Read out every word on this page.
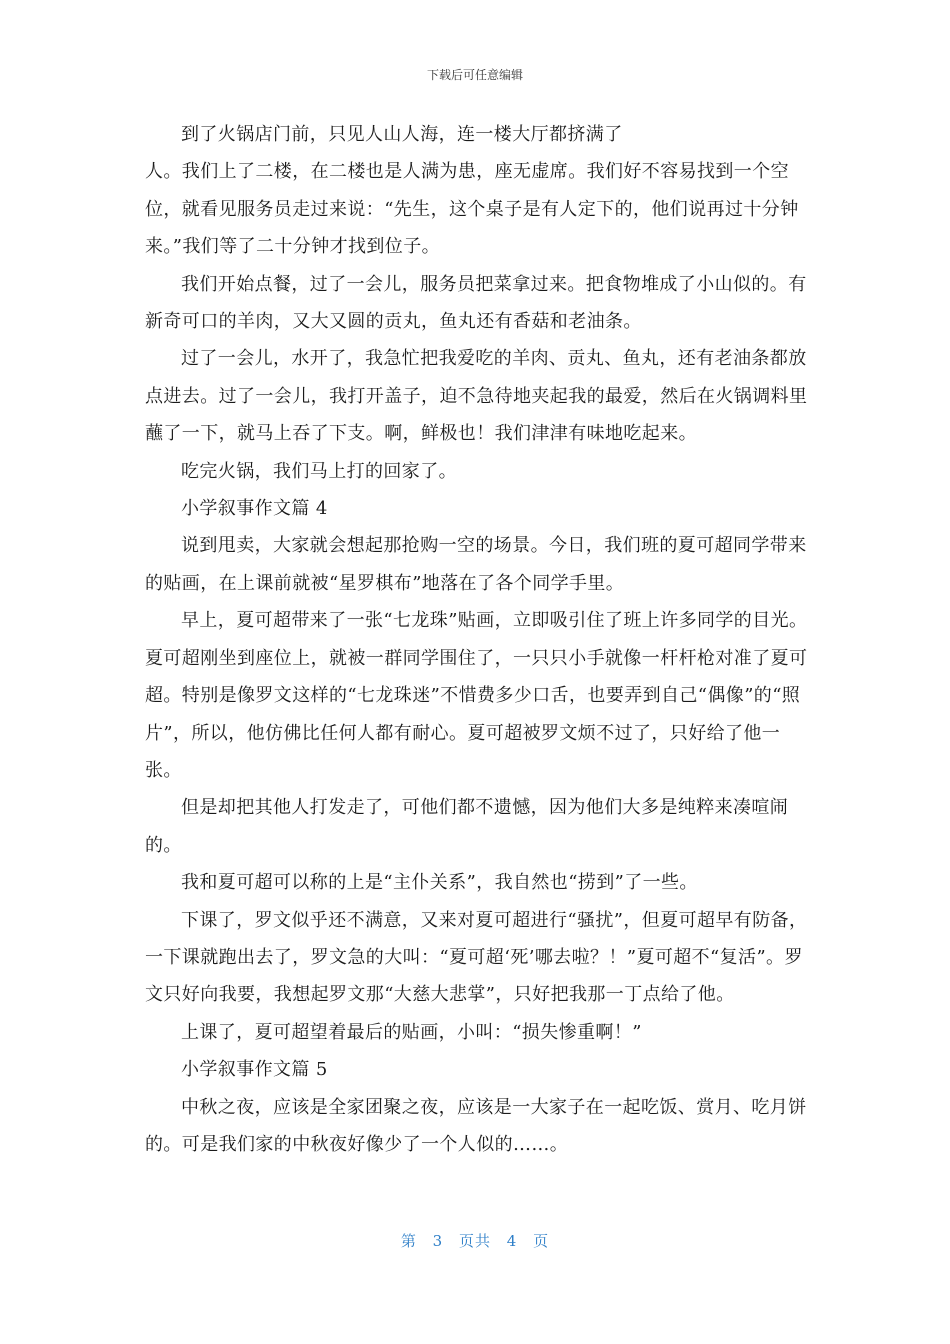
下载后可任意编辑

到了火锅店门前，只见人山人海，连一楼大厅都挤满了
人。我们上了二楼，在二楼也是人满为患，座无虚席。我们好不容易找到一个空位，就看见服务员走过来说：“先生，这个桌子是有人定下的，他们说再过十分钟来。”我们等了二十分钟才找到位子。

我们开始点餐，过了一会儿，服务员把菜拿过来。把食物堆成了小山似的。有新奇可口的羊肉，又大又圆的贡丸，鱼丸还有香菇和老油条。

过了一会儿，水开了，我急忙把我爱吃的羊肉、贡丸、鱼丸，还有老油条都放点进去。过了一会儿，我打开盖子，迫不急待地夹起我的最爱，然后在火锅调料里蘸了一下，就马上吞了下支。啊，鲜极也！我们津津有味地吃起来。

吃完火锅，我们马上打的回家了。

小学叙事作文篇 4

说到甩卖，大家就会想起那抢购一空的场景。今日，我们班的夏可超同学带来的贴画，在上课前就被“星罗棋布”地落在了各个同学手里。

早上，夏可超带来了一张“七龙珠”贴画，立即吸引住了班上许多同学的目光。夏可超刚坐到座位上，就被一群同学围住了，一只只小手就像一杆杆枪对准了夏可超。特别是像罗文这样的“七龙珠迷”不惜费多少口舌，也要弄到自己“偶像”的“照片”，所以，他仿佛比任何人都有耐心。夏可超被罗文烦不过了，只好给了他一张。

但是却把其他人打发走了，可他们都不遗憾，因为他们大多是纯粹来凑喧闹的。

我和夏可超可以称的上是“主仆关系”，我自然也“捞到”了一些。

下课了，罗文似乎还不满意，又来对夏可超进行“骚扰”，但夏可超早有防备，一下课就跑出去了，罗文急的大叫：“夏可超‘死’哪去啦？！”夏可超不“复活”。罗文只好向我要，我想起罗文那“大慈大悲掌”，只好把我那一丁点给了他。

上课了，夏可超望着最后的贴画，小叫：“损失惨重啊！”

小学叙事作文篇 5

中秋之夜，应该是全家团聚之夜，应该是一大家子在一起吃饭、赏月、吃月饼的。可是我们家的中秋夜好像少了一个人似的……。

第 3 页共 4 页
